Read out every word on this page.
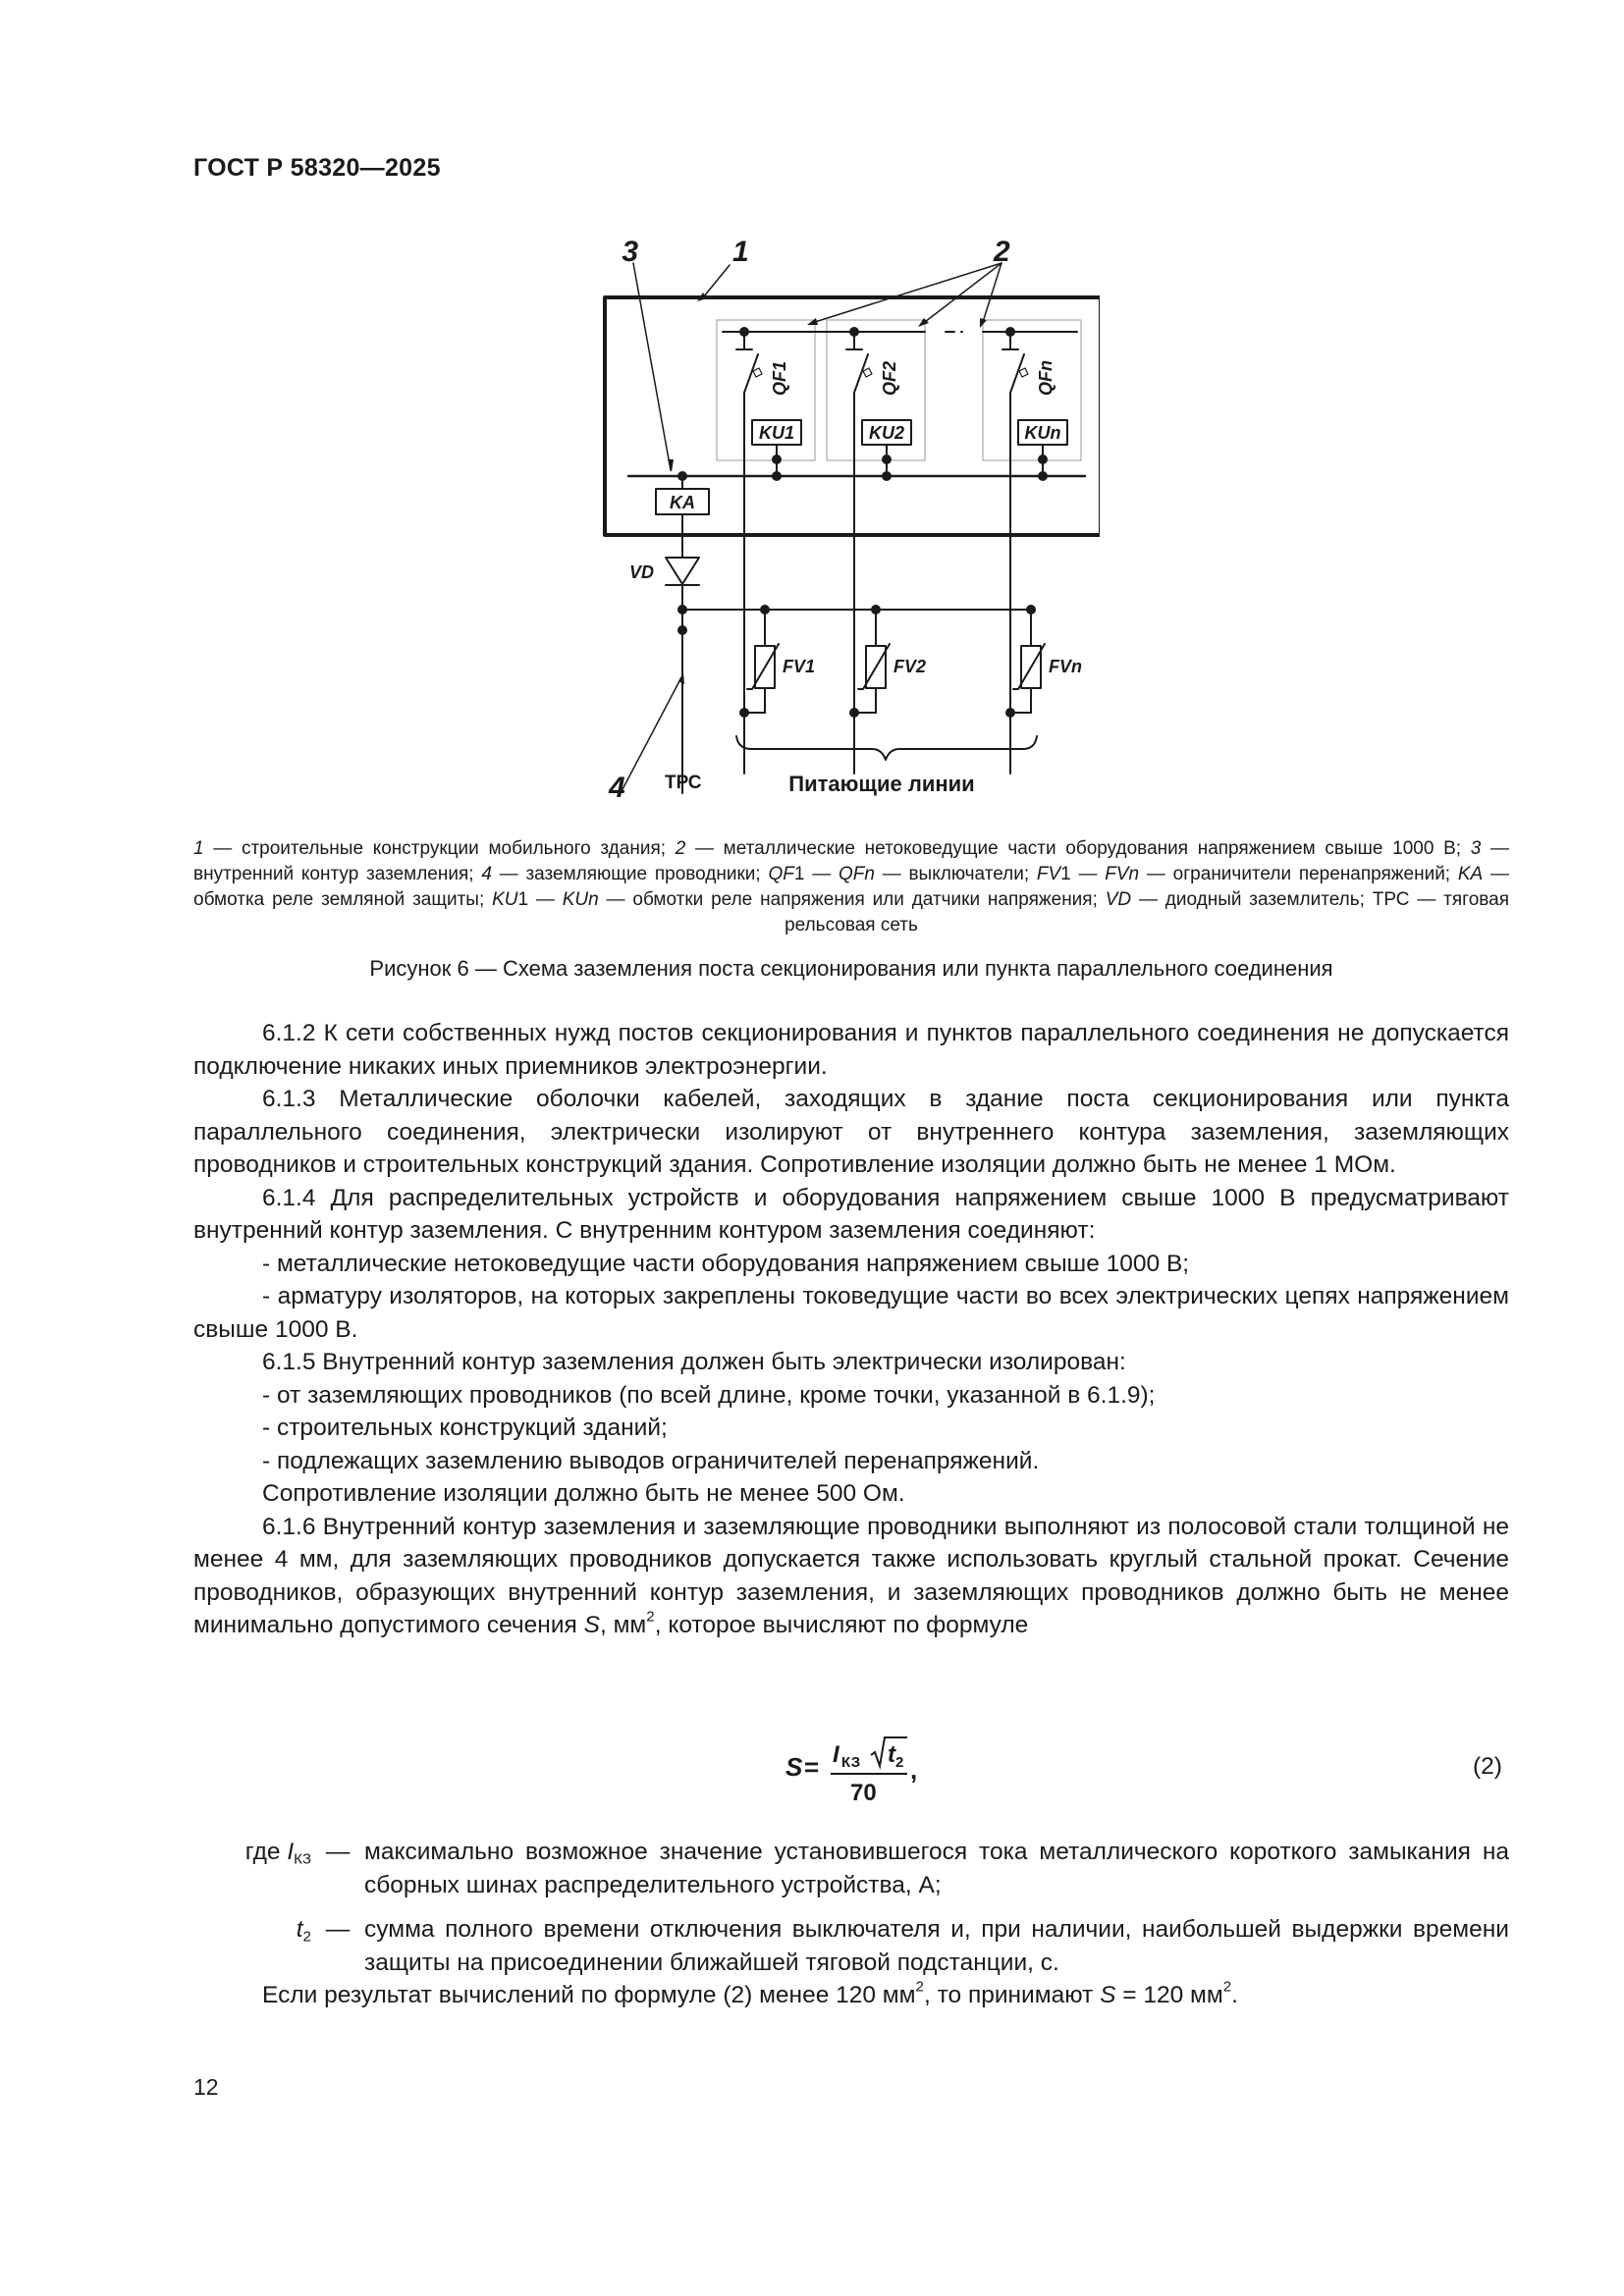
ГОСТ Р 58320—2025
3	1	2
4
QF1	QF2	QFn
KU1	KU2	KUn
KA
VD
FV1	FV2	FVn
ТРС	Питающие линии
1 — строительные конструкции мобильного здания; 2 — металлические нетоковедущие части оборудования напряжением свыше 1000 В; 3 — внутренний контур заземления; 4 — заземляющие проводники; QF1 — QFn — выключатели; FV1 — FVn — ограничители перенапряжений; KA — обмотка реле земляной защиты; KU1 — KUn — обмотки реле напряжения или датчики напряжения; VD — диодный заземлитель; ТРС — тяговая рельсовая сеть
Рисунок 6 — Схема заземления поста секционирования или пункта параллельного соединения

6.1.2 К сети собственных нужд постов секционирования и пунктов параллельного соединения не допускается подключение никаких иных приемников электроэнергии.

6.1.3 Металлические оболочки кабелей, заходящих в здание поста секционирования или пункта параллельного соединения, электрически изолируют от внутреннего контура заземления, заземляющих проводников и строительных конструкций здания. Сопротивление изоляции должно быть не менее 1 МОм.

6.1.4 Для распределительных устройств и оборудования напряжением свыше 1000 В предусматривают внутренний контур заземления. С внутренним контуром заземления соединяют:

- металлические нетоковедущие части оборудования напряжением свыше 1000 В;

- арматуру изоляторов, на которых закреплены токоведущие части во всех электрических цепях напряжением свыше 1000 В.

6.1.5 Внутренний контур заземления должен быть электрически изолирован:

- от заземляющих проводников (по всей длине, кроме точки, указанной в 6.1.9);

- строительных конструкций зданий;

- подлежащих заземлению выводов ограничителей перенапряжений.

Сопротивление изоляции должно быть не менее 500 Ом.

6.1.6 Внутренний контур заземления и заземляющие проводники выполняют из полосовой стали толщиной не менее 4 мм, для заземляющих проводников допускается также использовать круглый стальной прокат. Сечение проводников, образующих внутренний контур заземления, и заземляющих проводников должно быть не менее минимально допустимого сечения S, $мм^2$, которое вычисляют по формуле

S = I КЗ t 2
70
,	(2)
где $I_{КЗ}$ — максимально возможное значение установившегося тока металлического короткого замыкания на сборных шинах распределительного устройства, А;
$t_2$ — сумма полного времени отключения выключателя и, при наличии, наибольшей выдержки времени защиты на присоединении ближайшей тяговой подстанции, с.
Если результат вычислений по формуле (2) менее 120 $мм^2$, то принимают S = 120 $мм^2$.
12
